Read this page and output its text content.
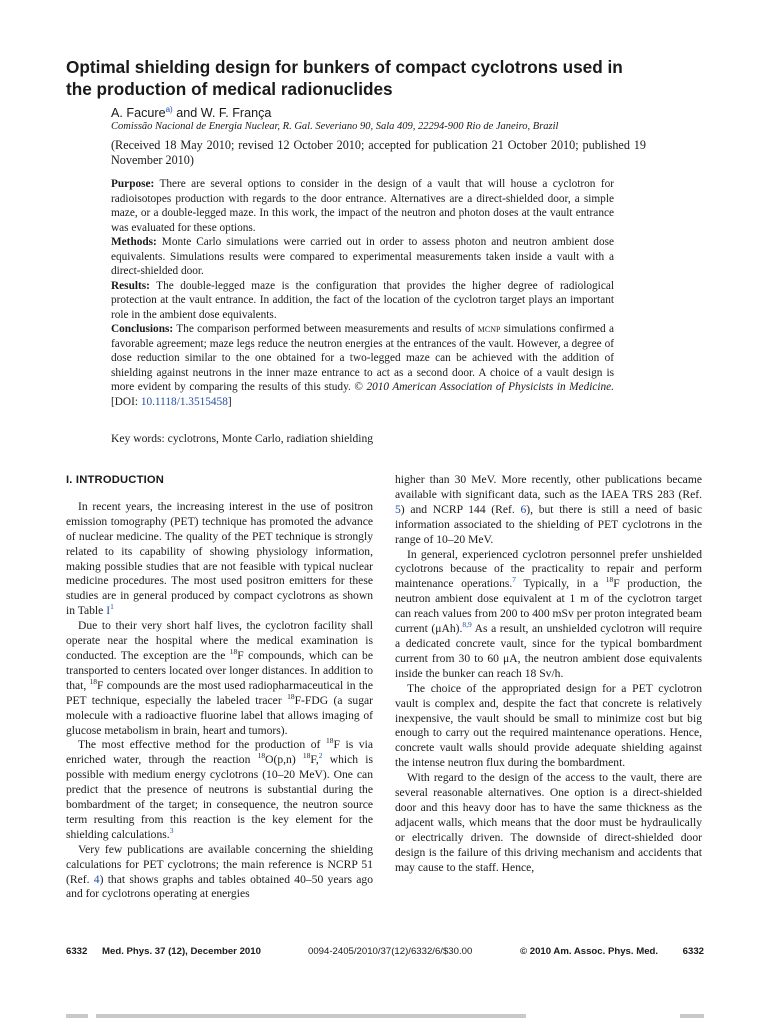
Optimal shielding design for bunkers of compact cyclotrons used in the production of medical radionuclides

A. Facure$^{a)}$ and W. F. França

Comissão Nacional de Energia Nuclear, R. Gal. Severiano 90, Sala 409, 22294-900 Rio de Janeiro, Brazil

(Received 18 May 2010; revised 12 October 2010; accepted for publication 21 October 2010; published 19 November 2010)

Purpose: There are several options to consider in the design of a vault that will house a cyclotron for radioisotopes production with regards to the door entrance. Alternatives are a direct-shielded door, a simple maze, or a double-legged maze. In this work, the impact of the neutron and photon doses at the vault entrance was evaluated for these options.

Methods: Monte Carlo simulations were carried out in order to assess photon and neutron ambient dose equivalents. Simulations results were compared to experimental measurements taken inside a vault with a direct-shielded door.

Results: The double-legged maze is the configuration that provides the higher degree of radiological protection at the vault entrance. In addition, the fact of the location of the cyclotron target plays an important role in the ambient dose equivalents.

Conclusions: The comparison performed between measurements and results of mcnp simulations confirmed a favorable agreement; maze legs reduce the neutron energies at the entrances of the vault. However, a degree of dose reduction similar to the one obtained for a two-legged maze can be achieved with the addition of shielding against neutrons in the inner maze entrance to act as a second door. A choice of a vault design is more evident by comparing the results of this study. © 2010 American Association of Physicists in Medicine. [DOI: 10.1118/1.3515458]

Key words: cyclotrons, Monte Carlo, radiation shielding

I. INTRODUCTION

In recent years, the increasing interest in the use of positron emission tomography (PET) technique has promoted the advance of nuclear medicine. The quality of the PET technique is strongly related to its capability of showing physiology information, making possible studies that are not feasible with typical nuclear medicine procedures. The most used positron emitters for these studies are in general produced by compact cyclotrons as shown in Table $I^1$

Due to their very short half lives, the cyclotron facility shall operate near the hospital where the medical examination is conducted. The exception are the $^{18}$F compounds, which can be transported to centers located over longer distances. In addition to that, $^{18}$F compounds are the most used radiopharmaceutical in the PET technique, especially the labeled tracer $^{18}$F-FDG (a sugar molecule with a radioactive fluorine label that allows imaging of glucose metabolism in brain, heart and tumors).

The most effective method for the production of $^{18}$F is via enriched water, through the reaction $^{18}$O(p,n) $^{18}$F,$^2$ which is possible with medium energy cyclotrons (10–20 MeV). One can predict that the presence of neutrons is substantial during the bombardment of the target; in consequence, the neutron source term resulting from this reaction is the key element for the shielding calculations.$^3$

Very few publications are available concerning the shielding calculations for PET cyclotrons; the main reference is NCRP 51 (Ref. 4) that shows graphs and tables obtained 40–50 years ago and for cyclotrons operating at energies

higher than 30 MeV. More recently, other publications became available with significant data, such as the IAEA TRS 283 (Ref. 5) and NCRP 144 (Ref. 6), but there is still a need of basic information associated to the shielding of PET cyclotrons in the range of 10–20 MeV.

In general, experienced cyclotron personnel prefer unshielded cyclotrons because of the practicality to repair and perform maintenance operations.$^7$ Typically, in a $^{18}$F production, the neutron ambient dose equivalent at 1 m of the cyclotron target can reach values from 200 to 400 mSv per proton integrated beam current (μAh).$^{8,9}$ As a result, an unshielded cyclotron will require a dedicated concrete vault, since for the typical bombardment current from 30 to 60 μA, the neutron ambient dose equivalents inside the bunker can reach 18 Sv/h.

The choice of the appropriated design for a PET cyclotron vault is complex and, despite the fact that concrete is relatively inexpensive, the vault should be small to minimize cost but big enough to carry out the required maintenance operations. Hence, concrete vault walls should provide adequate shielding against the intense neutron flux during the bombardment.

With regard to the design of the access to the vault, there are several reasonable alternatives. One option is a direct-shielded door and this heavy door has to have the same thickness as the adjacent walls, which means that the door must be hydraulically or electrically driven. The downside of direct-shielded door design is the failure of this driving mechanism and accidents that may cause to the staff. Hence,

6332 Med. Phys. 37 (12), December 2010	0094-2405/2010/37(12)/6332/6/$30.00	© 2010 Am. Assoc. Phys. Med.	6332
